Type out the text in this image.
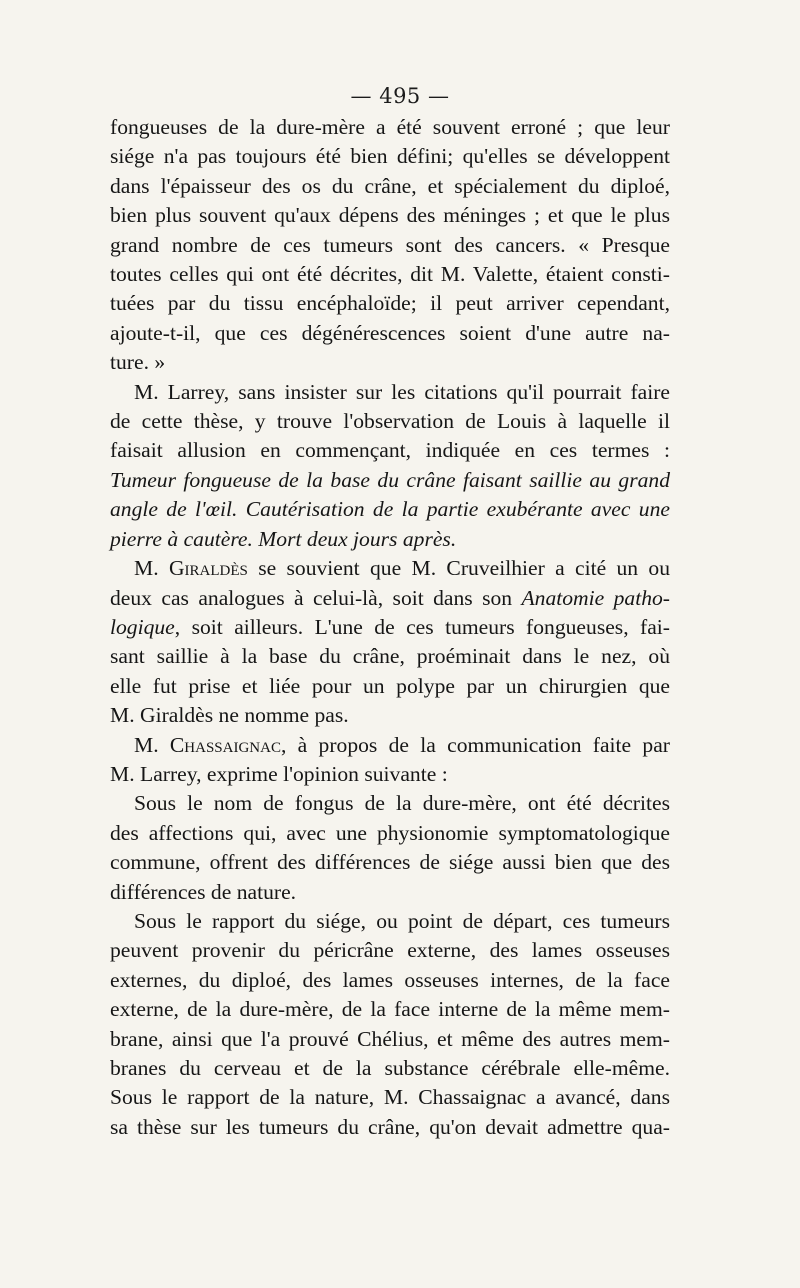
— 495 —
fongueuses de la dure-mère a été souvent erroné ; que leur
siége n'a pas toujours été bien défini; qu'elles se développent
dans l'épaisseur des os du crâne, et spécialement du diploé,
bien plus souvent qu'aux dépens des méninges ; et que le plus
grand nombre de ces tumeurs sont des cancers. « Presque
toutes celles qui ont été décrites, dit M. Valette, étaient consti-
tuées par du tissu encéphaloïde; il peut arriver cependant,
ajoute-t-il, que ces dégénérescences soient d'une autre na-
ture. »
M. Larrey, sans insister sur les citations qu'il pourrait faire
de cette thèse, y trouve l'observation de Louis à laquelle il
faisait allusion en commençant, indiquée en ces termes :
Tumeur fongueuse de la base du crâne faisant saillie au grand
angle de l'œil. Cautérisation de la partie exubérante avec une
pierre à cautère. Mort deux jours après.
M. Giraldès se souvient que M. Cruveilhier a cité un ou
deux cas analogues à celui-là, soit dans son Anatomie patho-
logique, soit ailleurs. L'une de ces tumeurs fongueuses, fai-
sant saillie à la base du crâne, proéminait dans le nez, où
elle fut prise et liée pour un polype par un chirurgien que
M. Giraldès ne nomme pas.
M. Chassaignac, à propos de la communication faite par
M. Larrey, exprime l'opinion suivante :
Sous le nom de fongus de la dure-mère, ont été décrites
des affections qui, avec une physionomie symptomatologique
commune, offrent des différences de siége aussi bien que des
différences de nature.
Sous le rapport du siége, ou point de départ, ces tumeurs
peuvent provenir du péricrâne externe, des lames osseuses
externes, du diploé, des lames osseuses internes, de la face
externe, de la dure-mère, de la face interne de la même mem-
brane, ainsi que l'a prouvé Chélius, et même des autres mem-
branes du cerveau et de la substance cérébrale elle-même.
Sous le rapport de la nature, M. Chassaignac a avancé, dans
sa thèse sur les tumeurs du crâne, qu'on devait admettre qua-
